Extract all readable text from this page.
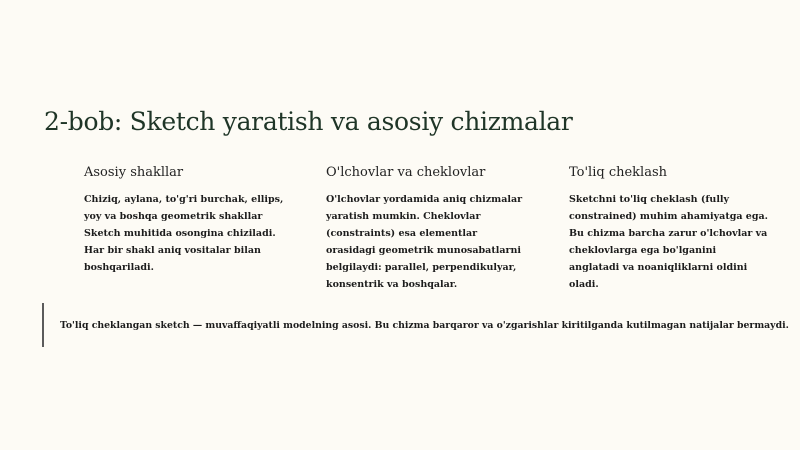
2-bob: Sketch yaratish va asosiy chizmalar
Asosiy shakllar

Chiziq, aylana, to'g'ri burchak, ellips, yoy va boshqa geometrik shakllar Sketch muhitida osongina chiziladi. Har bir shakl aniq vositalar bilan boshqariladi.

O'lchovlar va cheklovlar

O'lchovlar yordamida aniq chizmalar yaratish mumkin. Cheklovlar (constraints) esa elementlar orasidagi geometrik munosabatlarni belgilaydi: parallel, perpendikulyar, konsentrik va boshqalar.

To'liq cheklash

Sketchni to'liq cheklash (fully constrained) muhim ahamiyatga ega. Bu chizma barcha zarur o'lchovlar va cheklovlarga ega bo'lganini anglatadi va noaniqliklarni oldini oladi.

To'liq cheklangan sketch — muvaffaqiyatli modelning asosi. Bu chizma barqaror va o'zgarishlar kiritilganda kutilmagan natijalar bermaydi.
